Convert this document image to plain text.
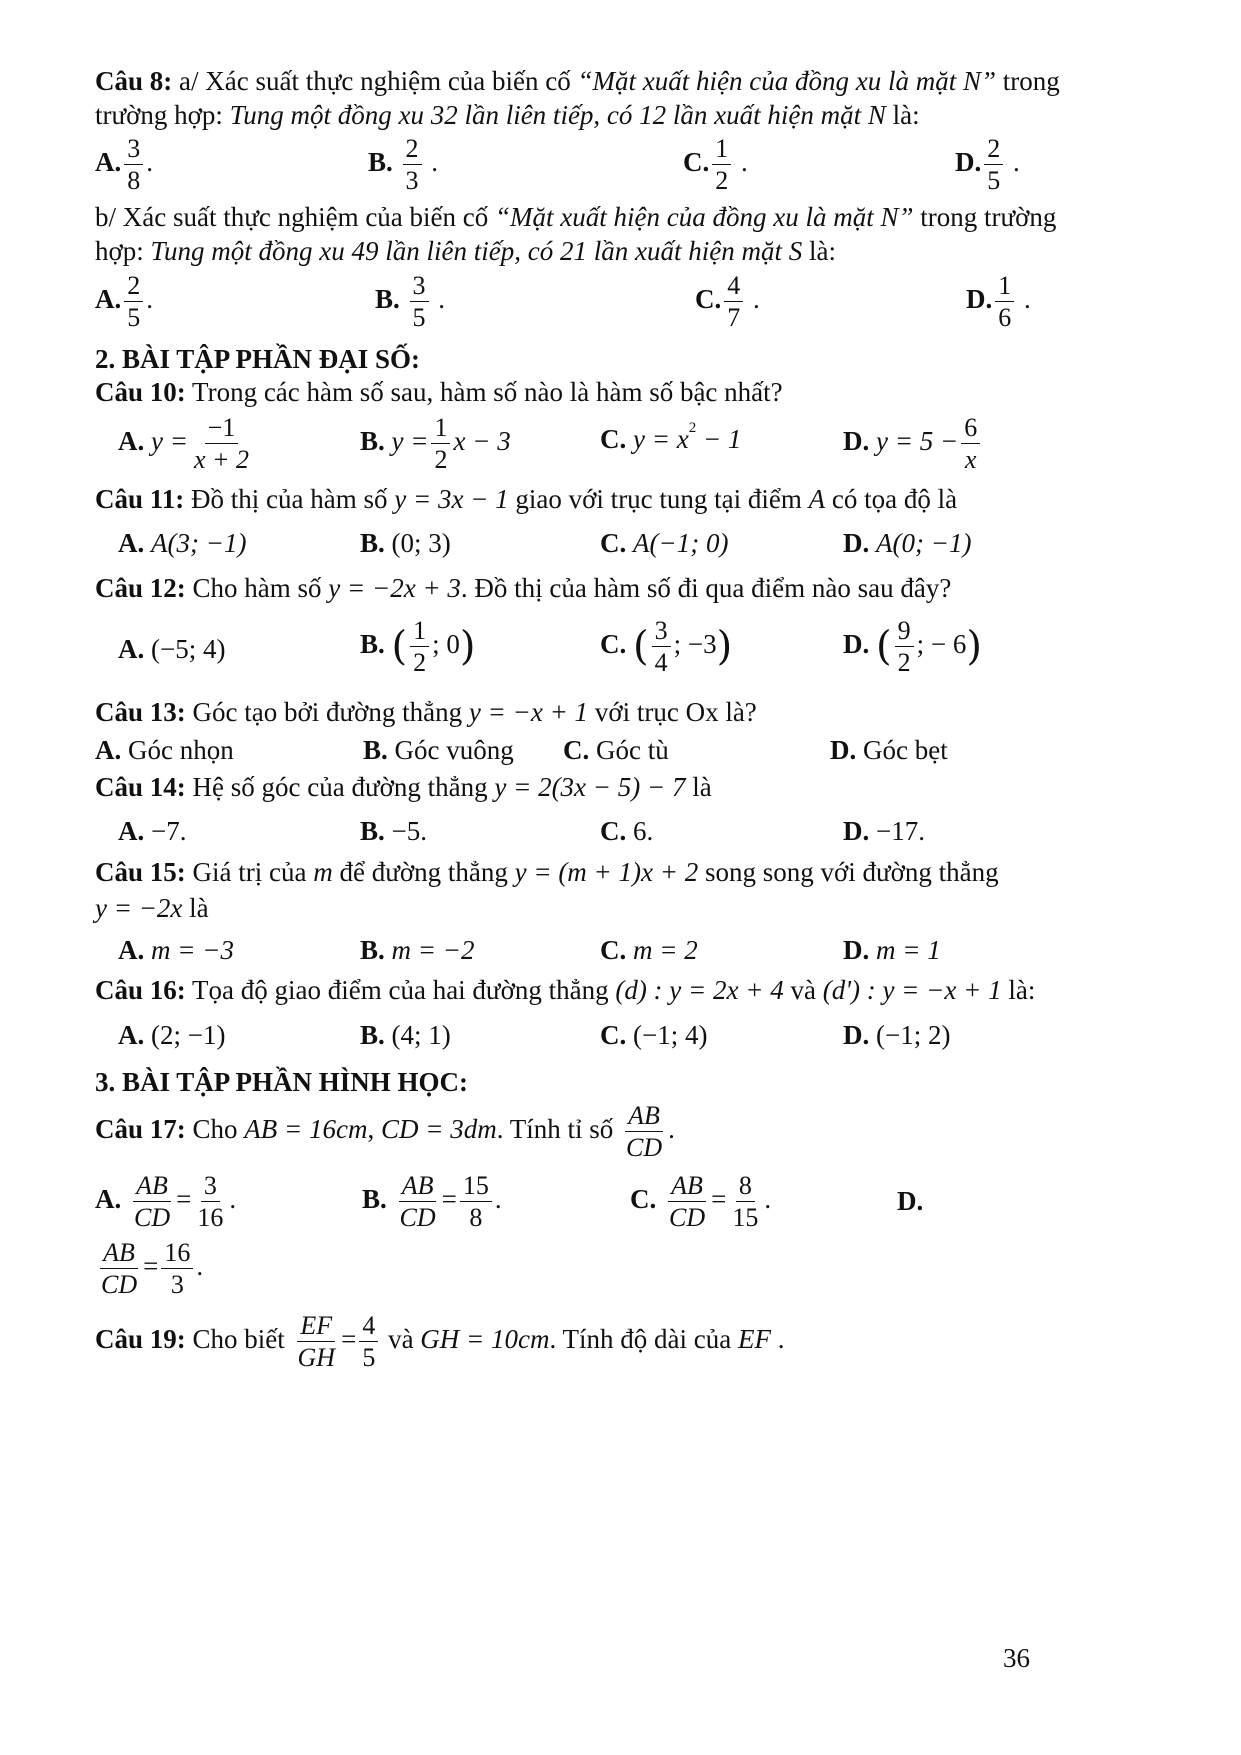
Câu 8: a/ Xác suất thực nghiệm của biến cố “Mặt xuất hiện của đồng xu là mặt N” trong
trường hợp: Tung một đồng xu 32 lần liên tiếp, có 12 lần xuất hiện mặt N là:
A. $\frac{3}{8}$ .	B. $\frac{2}{3}$ .	C. $\frac{1}{2}$ .	D. $\frac{2}{5}$ .
b/ Xác suất thực nghiệm của biến cố “Mặt xuất hiện của đồng xu là mặt N” trong trường
hợp: Tung một đồng xu 49 lần liên tiếp, có 21 lần xuất hiện mặt S là:
A. $\frac{2}{5}$ .	B. $\frac{3}{5}$ .	C. $\frac{4}{7}$ .	D. $\frac{1}{6}$ .
2. BÀI TẬP PHẦN ĐẠI SỐ:
Câu 10: Trong các hàm số sau, hàm số nào là hàm số bậc nhất?
A. $y = \frac{-1}{x + 2}$	B. $y = \frac{1}{2}$ x − 3	C. $y = x^2 - 1$	D. $y = 5 - \frac{6}{x}$
Câu 11: Đồ thị của hàm số y = 3x − 1 giao với trục tung tại điểm A có tọa độ là
A. A(3; −1)	B. (0; 3)	C. A(−1; 0)	D. A(0; −1)
Câu 12: Cho hàm số y = −2x + 3. Đồ thị của hàm số đi qua điểm nào sau đây?
A. (−5; 4)	B. ( $\frac{1}{2}$ ; 0)	C. ( $\frac{3}{4}$ ; −3)	D. ( $\frac{9}{2}$ ; − 6)
Câu 13: Góc tạo bởi đường thẳng y = −x + 1 với trục Ox là?
A. Góc nhọn	B. Góc vuông C. Góc tù	D. Góc bẹt
Câu 14: Hệ số góc của đường thẳng y = 2(3x − 5) − 7 là
A. −7.	B. −5.	C. 6.	D. −17.
Câu 15: Giá trị của m để đường thẳng y = (m + 1)x + 2 song song với đường thẳng
y = −2x là
A. m = −3	B. m = −2	C. m = 2	D. m = 1
Câu 16: Tọa độ giao điểm của hai đường thẳng (d) : y = 2x + 4 và (d') : y = −x + 1 là:
A. (2; −1)	B. (4; 1)	C. (−1; 4)	D. (−1; 2)
3. BÀI TẬP PHẦN HÌNH HỌC:
Câu 17: Cho AB = 16cm, CD = 3dm. Tính tỉ số $\frac{AB}{CD}$ .
A. $\frac{AB}{CD} = \frac{3}{16}$ .	B. $\frac{AB}{CD} = \frac{15}{8}$ .	C. $\frac{AB}{CD} = \frac{8}{15}$ .	D.
$\frac{AB}{CD} = \frac{16}{3}$ .
Câu 19: Cho biết $\frac{EF}{GH} = \frac{4}{5}$ và GH = 10cm. Tính độ dài của EF .
36
